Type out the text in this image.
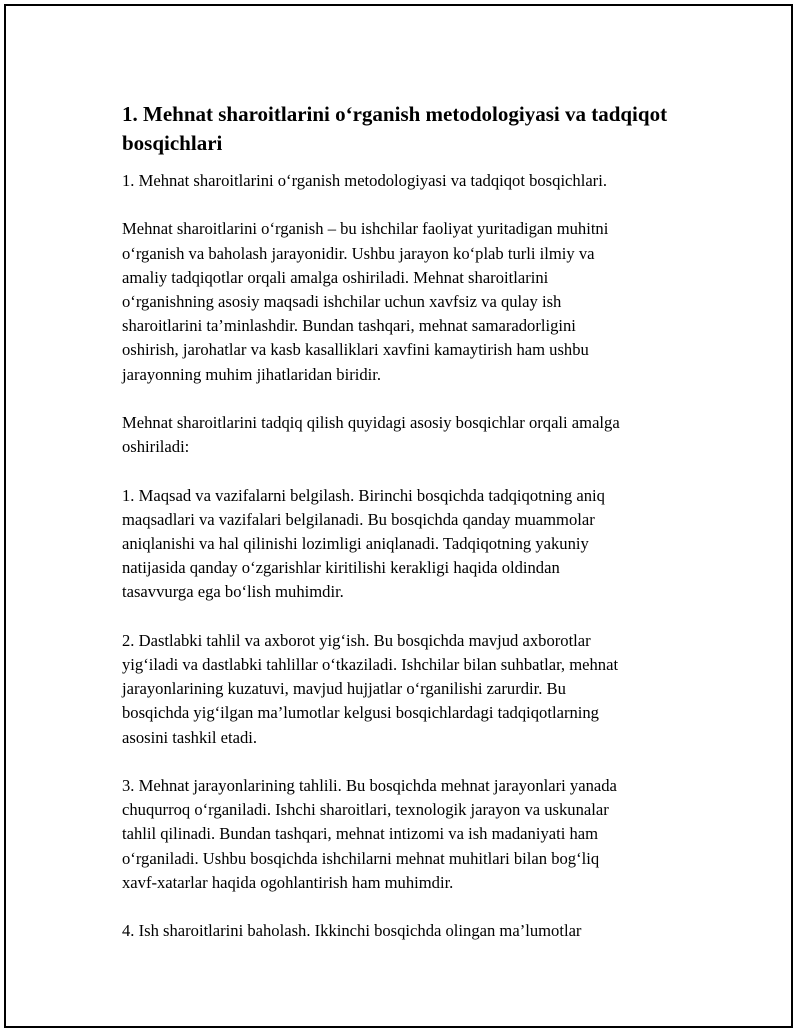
1. Mehnat sharoitlarini o‘rganish metodologiyasi va tadqiqot
bosqichlari

1. Mehnat sharoitlarini o‘rganish metodologiyasi va tadqiqot bosqichlari.

Mehnat sharoitlarini o‘rganish – bu ishchilar faoliyat yuritadigan muhitni
o‘rganish va baholash jarayonidir. Ushbu jarayon ko‘plab turli ilmiy va
amaliy tadqiqotlar orqali amalga oshiriladi. Mehnat sharoitlarini
o‘rganishning asosiy maqsadi ishchilar uchun xavfsiz va qulay ish
sharoitlarini ta’minlashdir. Bundan tashqari, mehnat samaradorligini
oshirish, jarohatlar va kasb kasalliklari xavfini kamaytirish ham ushbu
jarayonning muhim jihatlaridan biridir.

Mehnat sharoitlarini tadqiq qilish quyidagi asosiy bosqichlar orqali amalga
oshiriladi:

1. Maqsad va vazifalarni belgilash. Birinchi bosqichda tadqiqotning aniq
maqsadlari va vazifalari belgilanadi. Bu bosqichda qanday muammolar
aniqlanishi va hal qilinishi lozimligi aniqlanadi. Tadqiqotning yakuniy
natijasida qanday o‘zgarishlar kiritilishi kerakligi haqida oldindan
tasavvurga ega bo‘lish muhimdir.

2. Dastlabki tahlil va axborot yig‘ish. Bu bosqichda mavjud axborotlar
yig‘iladi va dastlabki tahlillar o‘tkaziladi. Ishchilar bilan suhbatlar, mehnat
jarayonlarining kuzatuvi, mavjud hujjatlar o‘rganilishi zarurdir. Bu
bosqichda yig‘ilgan ma’lumotlar kelgusi bosqichlardagi tadqiqotlarning
asosini tashkil etadi.

3. Mehnat jarayonlarining tahlili. Bu bosqichda mehnat jarayonlari yanada
chuqurroq o‘rganiladi. Ishchi sharoitlari, texnologik jarayon va uskunalar
tahlil qilinadi. Bundan tashqari, mehnat intizomi va ish madaniyati ham
o‘rganiladi. Ushbu bosqichda ishchilarni mehnat muhitlari bilan bog‘liq
xavf-xatarlar haqida ogohlantirish ham muhimdir.

4. Ish sharoitlarini baholash. Ikkinchi bosqichda olingan ma’lumotlar
